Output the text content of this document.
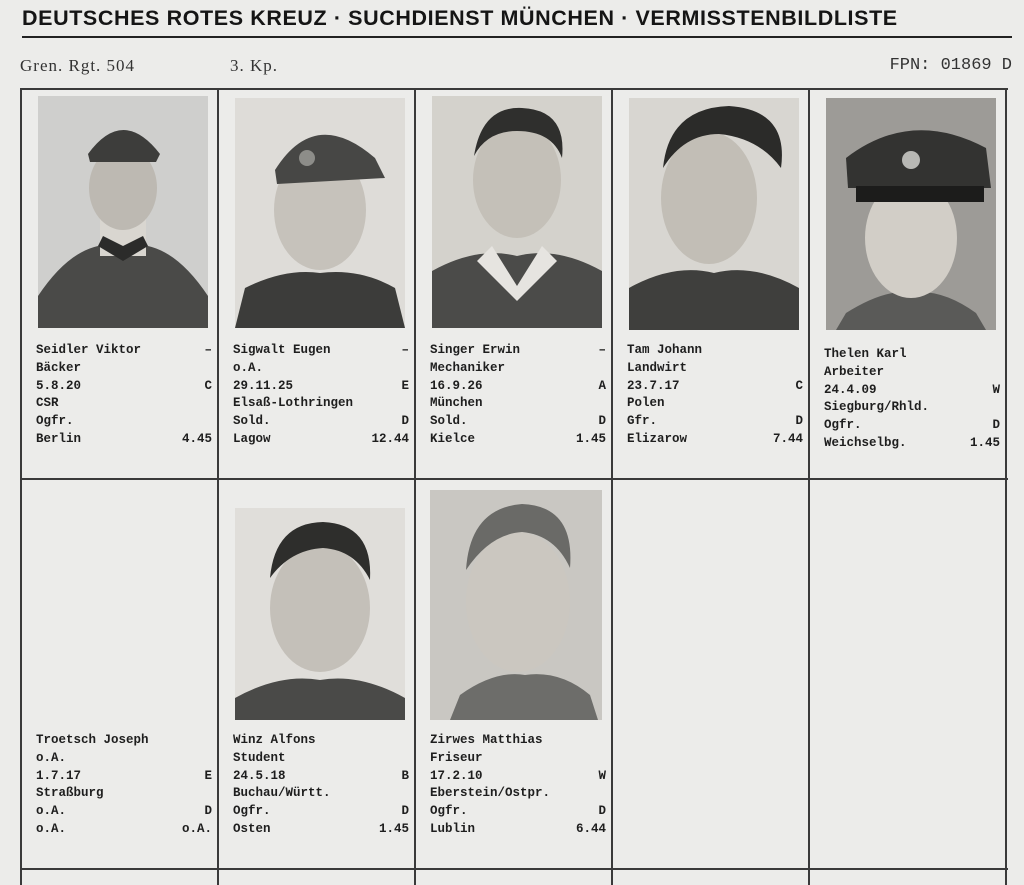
DEUTSCHES ROTES KREUZ · SUCHDIENST MÜNCHEN · VERMISSTENBILDLISTE
Gren. Rgt. 504	3. Kp.	FPN: 01869 D
Seidler Viktor	–
Bäcker
5.8.20	C
CSR
Ogfr.
Berlin	4.45
Sigwalt Eugen	–
o.A.
29.11.25	E
Elsaß-Lothringen
Sold.	D
Lagow	12.44
Singer Erwin	–
Mechaniker
16.9.26	A
München
Sold.	D
Kielce	1.45
Tam Johann
Landwirt
23.7.17	C
Polen
Gfr.	D
Elizarow	7.44
Thelen Karl
Arbeiter
24.4.09	W
Siegburg/Rhld.
Ogfr.	D
Weichselbg.	1.45
Troetsch Joseph
o.A.
1.7.17	E
Straßburg
o.A.	D
o.A.	o.A.
Winz Alfons
Student
24.5.18	B
Buchau/Württ.
Ogfr.	D
Osten	1.45
Zirwes Matthias
Friseur
17.2.10	W
Eberstein/Ostpr.
Ogfr.	D
Lublin	6.44
